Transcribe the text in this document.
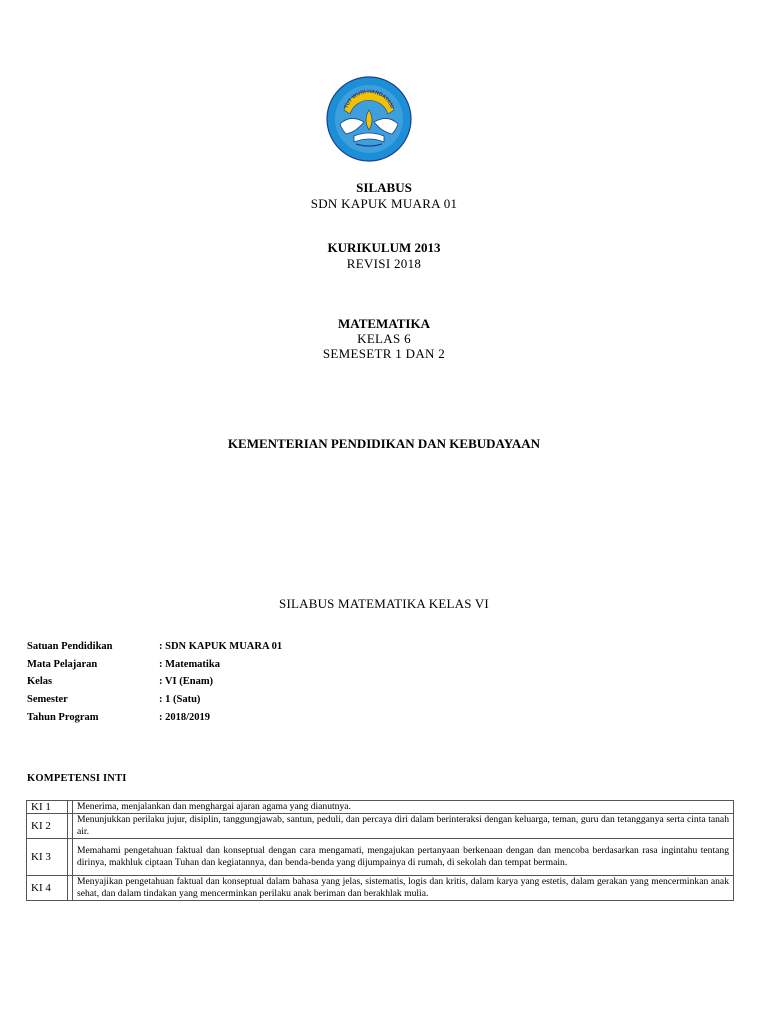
TUT WURI HANDAYANI
SILABUS
SDN KAPUK MUARA 01
KURIKULUM 2013
REVISI 2018
MATEMATIKA
KELAS 6
SEMESETR 1 DAN 2
KEMENTERIAN PENDIDIKAN DAN KEBUDAYAAN
SILABUS MATEMATIKA KELAS VI
Satuan Pendidikan	: SDN KAPUK MUARA 01
Mata Pelajaran	: Matematika
Kelas	: VI (Enam)
Semester	: 1 (Satu)
Tahun Program	: 2018/2019
KOMPETENSI INTI
KI 1		Menerima, menjalankan dan menghargai ajaran agama yang dianutnya.
KI 2		Menunjukkan perilaku jujur, disiplin, tanggungjawab, santun, peduli, dan percaya diri dalam berinteraksi dengan keluarga, teman, guru dan tetangganya serta cinta tanah air.
KI 3		Memahami pengetahuan faktual dan konseptual dengan cara mengamati, mengajukan pertanyaan berkenaan dengan dan mencoba berdasarkan rasa ingintahu tentang dirinya, makhluk ciptaan Tuhan dan kegiatannya, dan benda-benda yang dijumpainya di rumah, di sekolah dan tempat bermain.
KI 4		Menyajikan pengetahuan faktual dan konseptual dalam bahasa yang jelas, sistematis, logis dan kritis, dalam karya yang estetis, dalam gerakan yang mencerminkan anak sehat, dan dalam tindakan yang mencerminkan perilaku anak beriman dan berakhlak mulia.
